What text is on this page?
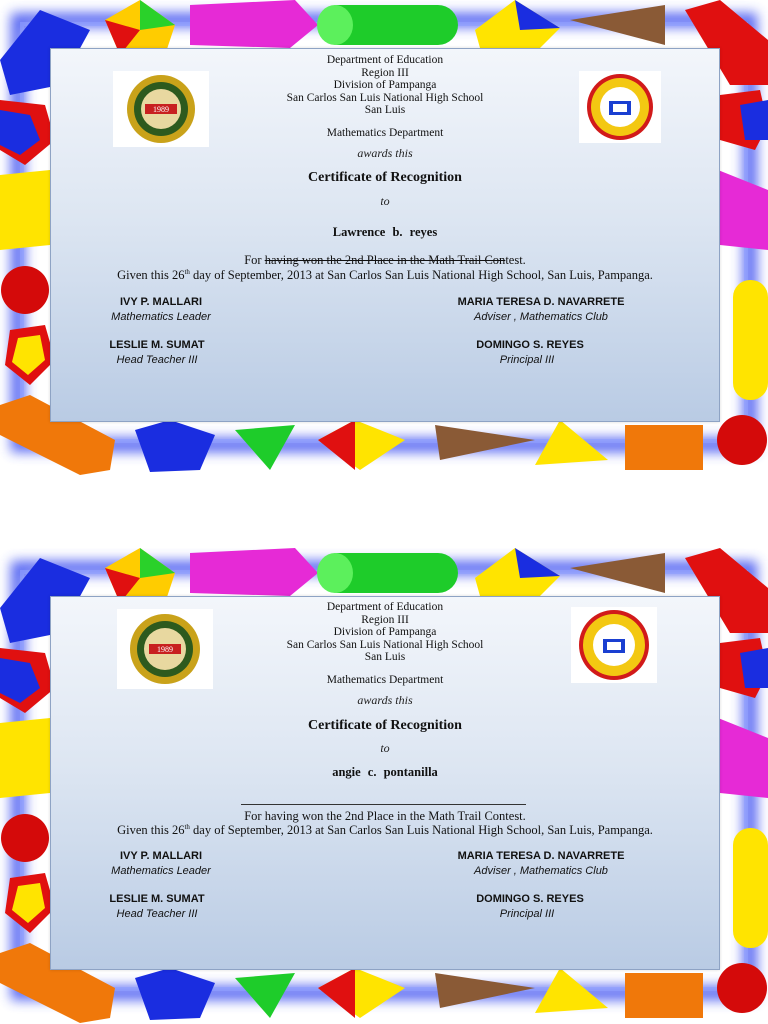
1989
Department of Education
Region III
Division of Pampanga
San Carlos San Luis National High School
San Luis
Mathematics Department
awards this
Certificate of Recognition
to
Lawrence b. reyes
For having won the 2nd Place in the Math Trail Contest.
Given this 26th day of September, 2013 at San Carlos San Luis National High School, San Luis, Pampanga.
IVY P. MALLARI
Mathematics Leader
MARIA TERESA D. NAVARRETE
Adviser , Mathematics Club
LESLIE M. SUMAT
Head Teacher III
DOMINGO S. REYES
Principal III
1989
Department of Education
Region III
Division of Pampanga
San Carlos San Luis National High School
San Luis
Mathematics Department
awards this
Certificate of Recognition
to
angie c. pontanilla
For having won the 2nd Place in the Math Trail Contest.
Given this 26th day of September, 2013 at San Carlos San Luis National High School, San Luis, Pampanga.
IVY P. MALLARI
Mathematics Leader
MARIA TERESA D. NAVARRETE
Adviser , Mathematics Club
LESLIE M. SUMAT
Head Teacher III
DOMINGO S. REYES
Principal III
